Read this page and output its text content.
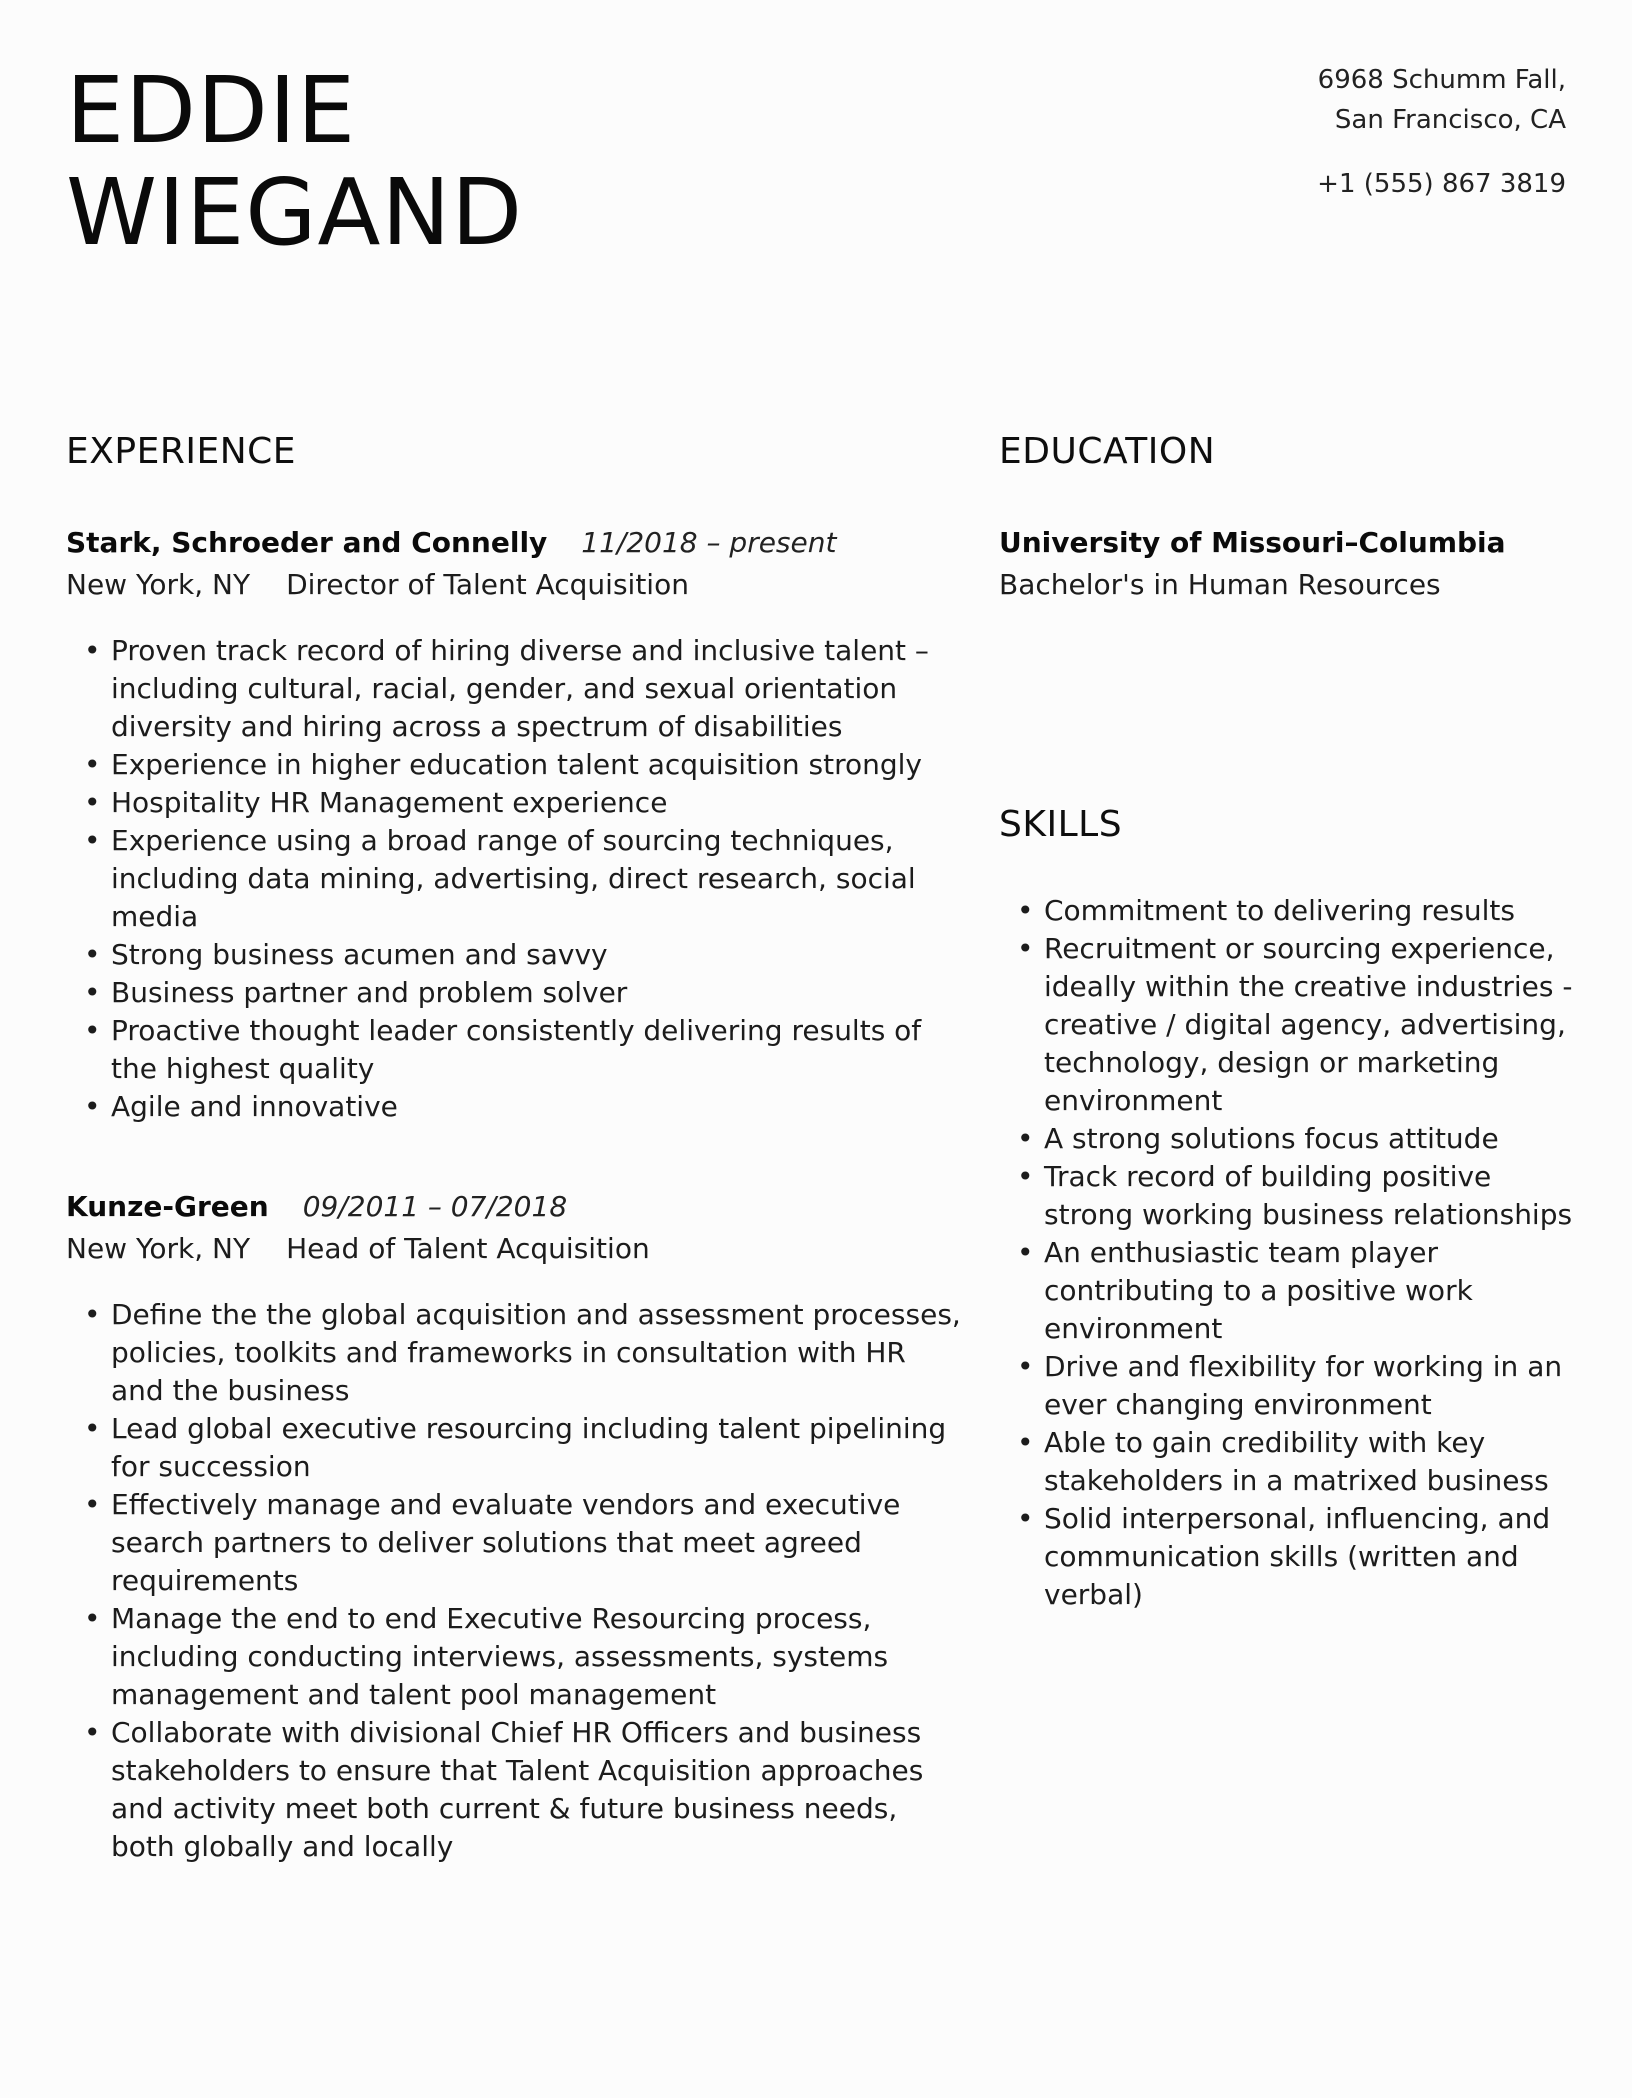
EDDIE
WIEGAND
6968 Schumm Fall,
San Francisco, CA
+1 (555) 867 3819
EXPERIENCE
Stark, Schroeder and Connelly 11/2018 – present
New York, NY Director of Talent Acquisition
• Proven track record of hiring diverse and inclusive talent – including cultural, racial, gender, and sexual orientation diversity and hiring across a spectrum of disabilities
• Experience in higher education talent acquisition strongly
• Hospitality HR Management experience
• Experience using a broad range of sourcing techniques, including data mining, advertising, direct research, social media
• Strong business acumen and savvy
• Business partner and problem solver
• Proactive thought leader consistently delivering results of the highest quality
• Agile and innovative
Kunze-Green 09/2011 – 07/2018
New York, NY Head of Talent Acquisition
• Define the the global acquisition and assessment processes, policies, toolkits and frameworks in consultation with HR and the business
• Lead global executive resourcing including talent pipelining for succession
• Effectively manage and evaluate vendors and executive search partners to deliver solutions that meet agreed requirements
• Manage the end to end Executive Resourcing process, including conducting interviews, assessments, systems management and talent pool management
• Collaborate with divisional Chief HR Officers and business stakeholders to ensure that Talent Acquisition approaches and activity meet both current & future business needs, both globally and locally
EDUCATION
University of Missouri–Columbia
Bachelor's in Human Resources
SKILLS
• Commitment to delivering results
• Recruitment or sourcing experience, ideally within the creative industries - creative / digital agency, advertising, technology, design or marketing environment
• A strong solutions focus attitude
• Track record of building positive strong working business relationships
• An enthusiastic team player contributing to a positive work environment
• Drive and flexibility for working in an ever changing environment
• Able to gain credibility with key stakeholders in a matrixed business
• Solid interpersonal, influencing, and communication skills (written and verbal)
